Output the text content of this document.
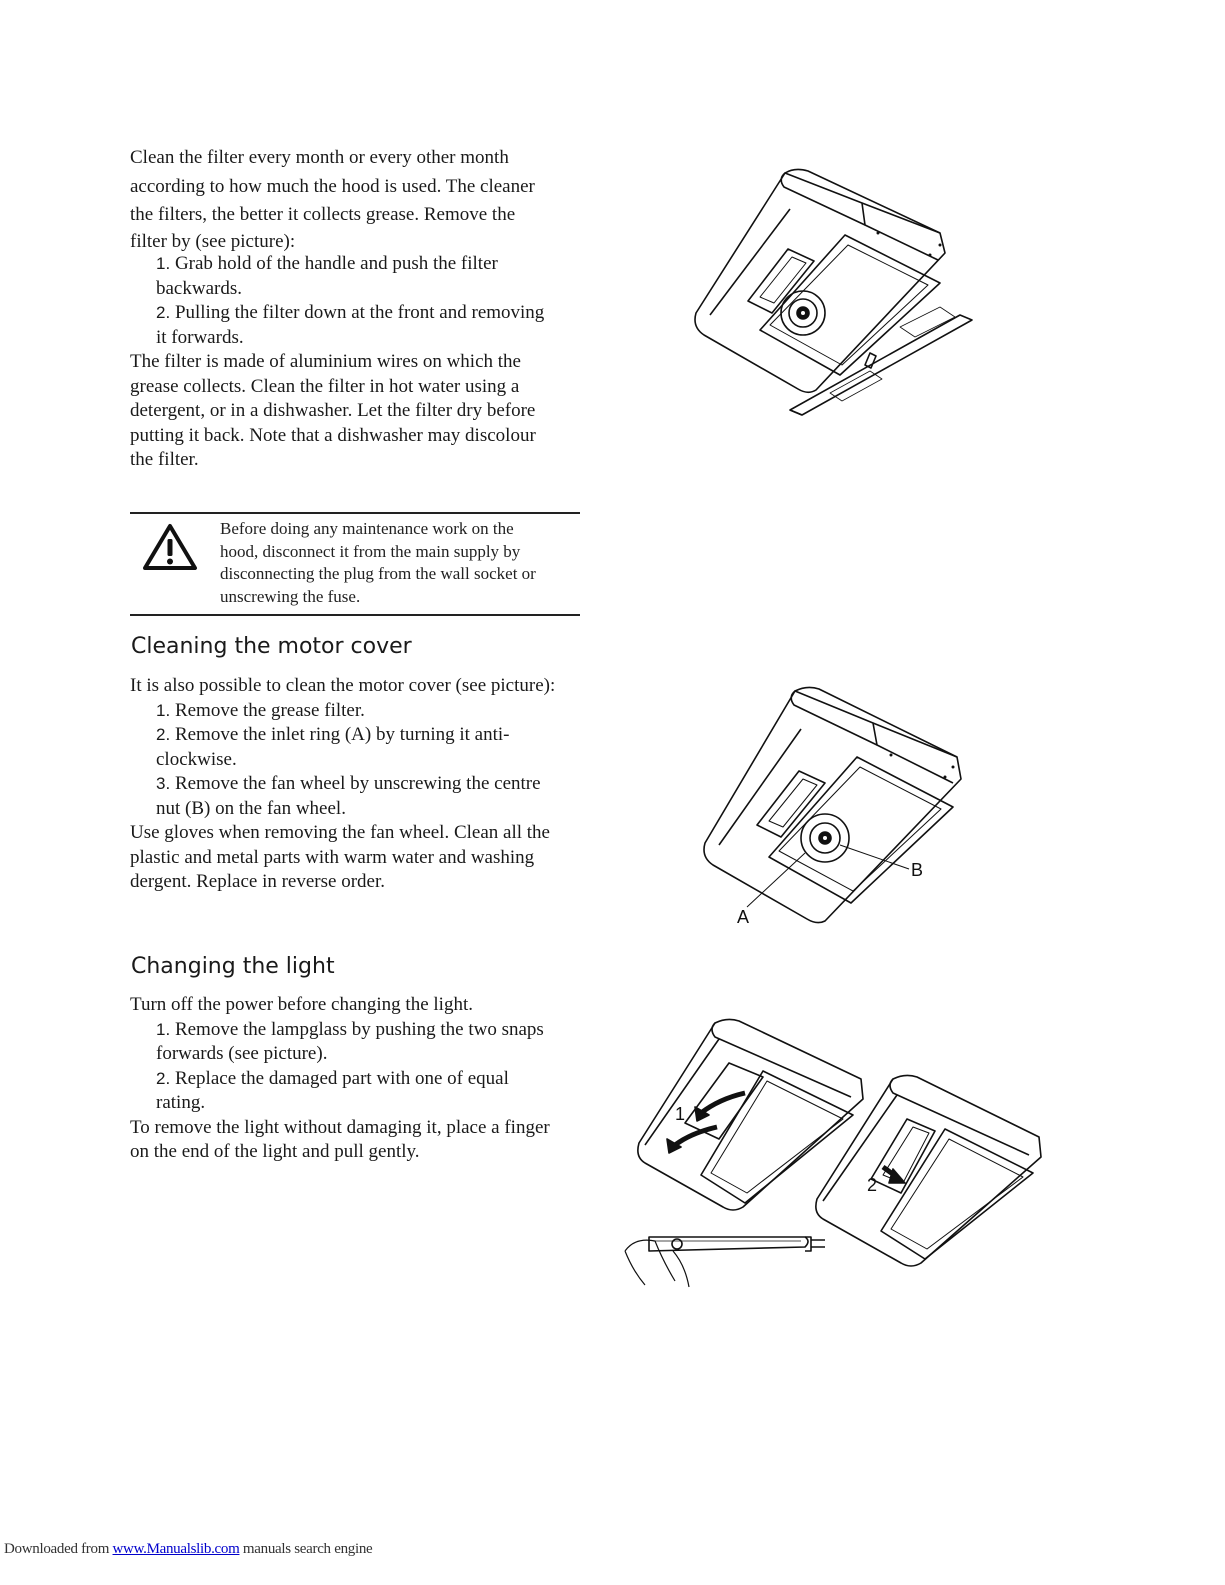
Clean the filter every month or every other month

according to how much the hood is used. The cleaner

the filters, the better it collects grease. Remove the

filter by (see picture):

1. Grab hold of the handle and push the filter

backwards.

2. Pulling the filter down at the front and removing

it forwards.

The filter is made of aluminium wires on which the

grease collects. Clean the filter in hot water using a

detergent, or in a dishwasher. Let the filter dry before

putting it back. Note that a dishwasher may discolour

the filter.

Before doing any maintenance work on the
hood, disconnect it from the main supply by
disconnecting the plug from the wall socket or
unscrewing the fuse.
Cleaning the motor cover

It is also possible to clean the motor cover (see picture):

1. Remove the grease filter.

2. Remove the inlet ring (A) by turning it anti-

clockwise.

3. Remove the fan wheel by unscrewing the centre

nut (B) on the fan wheel.

Use gloves when removing the fan wheel. Clean all the

plastic and metal parts with warm water and washing

dergent. Replace in reverse order.

Changing the light

Turn off the power before changing the light.

1. Remove the lampglass by pushing the two snaps

forwards (see picture).

2. Replace the damaged part with one of equal

rating.

To remove the light without damaging it, place a finger

on the end of the light and pull gently.

A
B
1
2
Downloaded from www.Manualslib.com manuals search engine
